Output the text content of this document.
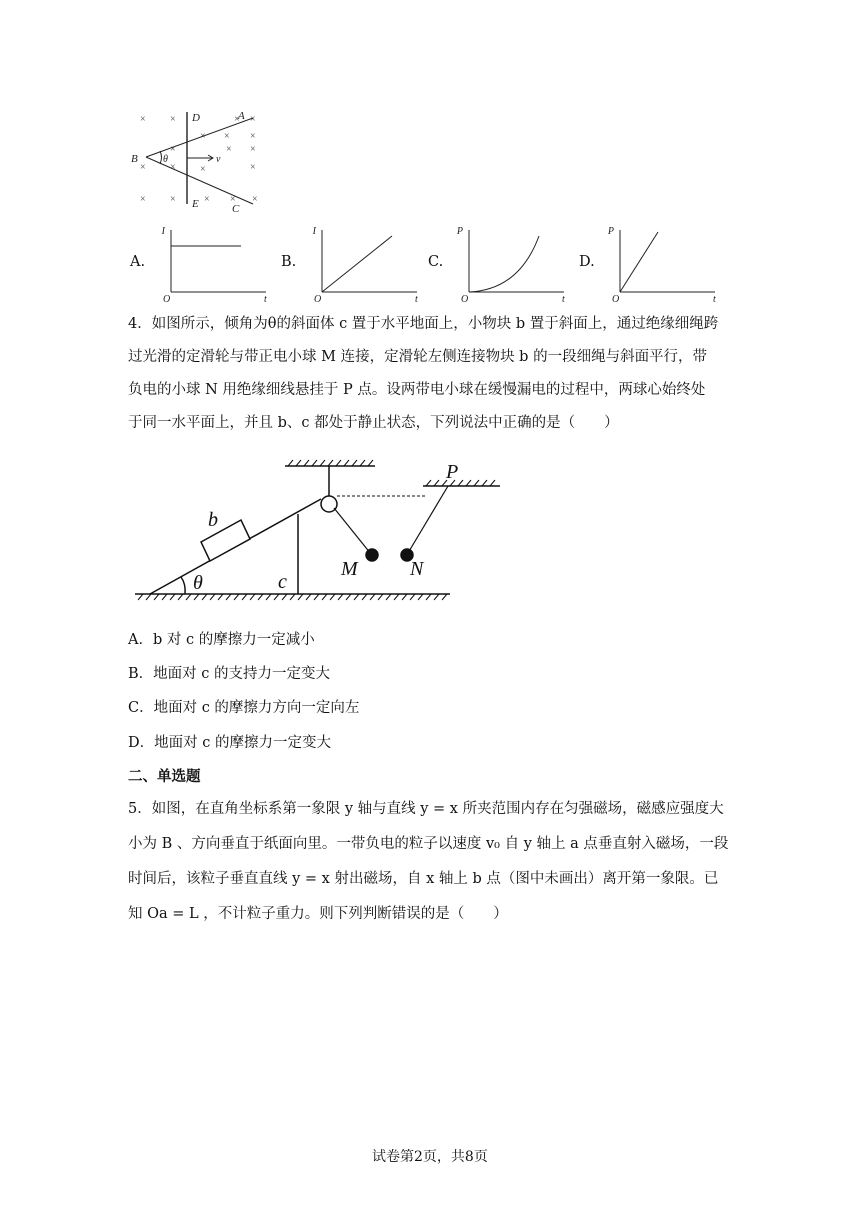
× ×	× ×
× × ×
×	× ×
× × ×	×
× ×	× × ×
D	A
B	θ	v
E	C
A.
I
t
O
B.
I
t
O
C.
P
t
O
D.
P
t
O
4．如图所示，倾角为θ的斜面体 c 置于水平地面上，小物块 b 置于斜面上，通过绝缘细绳跨
过光滑的定滑轮与带正电小球 M 连接，定滑轮左侧连接物块 b 的一段细绳与斜面平行，带
负电的小球 N 用绝缘细线悬挂于 P 点。设两带电小球在缓慢漏电的过程中，两球心始终处
于同一水平面上，并且 b、c 都处于静止状态，下列说法中正确的是（　　）
b
θ	c
M	N
P
A．b 对 c 的摩擦力一定减小
B．地面对 c 的支持力一定变大
C．地面对 c 的摩擦力方向一定向左
D．地面对 c 的摩擦力一定变大
二、单选题
5．如图，在直角坐标系第一象限 y 轴与直线 y = x 所夹范围内存在匀强磁场，磁感应强度大
小为 B 、方向垂直于纸面向里。一带负电的粒子以速度 v₀ 自 y 轴上 a 点垂直射入磁场，一段
时间后，该粒子垂直直线 y = x 射出磁场，自 x 轴上 b 点（图中未画出）离开第一象限。已
知 Oa = L ，不计粒子重力。则下列判断错误的是（　　）
试卷第2页，共8页
